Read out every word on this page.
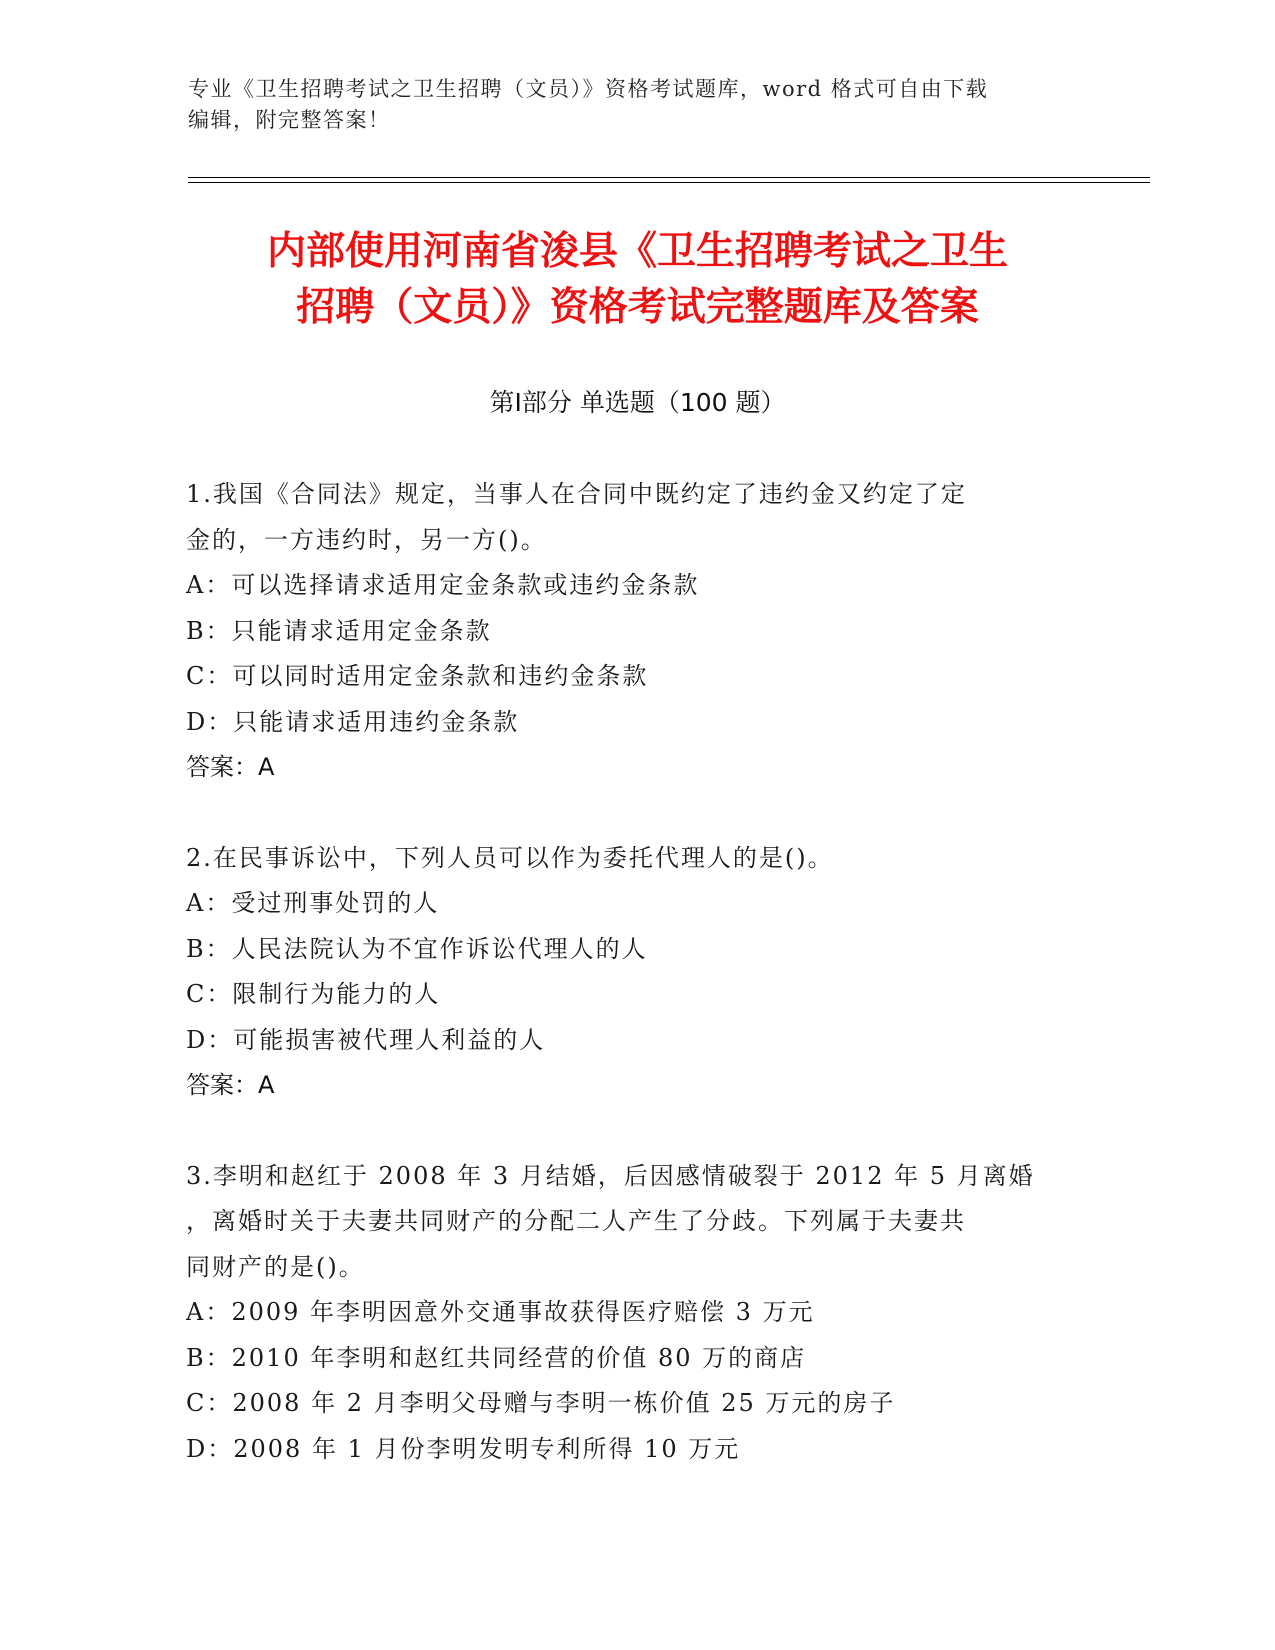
专业《卫生招聘考试之卫生招聘（文员）》资格考试题库，word 格式可自由下载
编辑，附完整答案！
内部使用河南省浚县《卫生招聘考试之卫生
招聘（文员）》资格考试完整题库及答案
第Ⅰ部分 单选题（100 题）

1.我国《合同法》规定，当事人在合同中既约定了违约金又约定了定

金的，一方违约时，另一方()。

A：可以选择请求适用定金条款或违约金条款

B：只能请求适用定金条款

C：可以同时适用定金条款和违约金条款

D：只能请求适用违约金条款

答案：A

2.在民事诉讼中，下列人员可以作为委托代理人的是()。

A：受过刑事处罚的人

B：人民法院认为不宜作诉讼代理人的人

C：限制行为能力的人

D：可能损害被代理人利益的人

答案：A

3.李明和赵红于 2008 年 3 月结婚，后因感情破裂于 2012 年 5 月离婚

，离婚时关于夫妻共同财产的分配二人产生了分歧。下列属于夫妻共

同财产的是()。

A：2009 年李明因意外交通事故获得医疗赔偿 3 万元

B：2010 年李明和赵红共同经营的价值 80 万的商店

C：2008 年 2 月李明父母赠与李明一栋价值 25 万元的房子

D：2008 年 1 月份李明发明专利所得 10 万元
